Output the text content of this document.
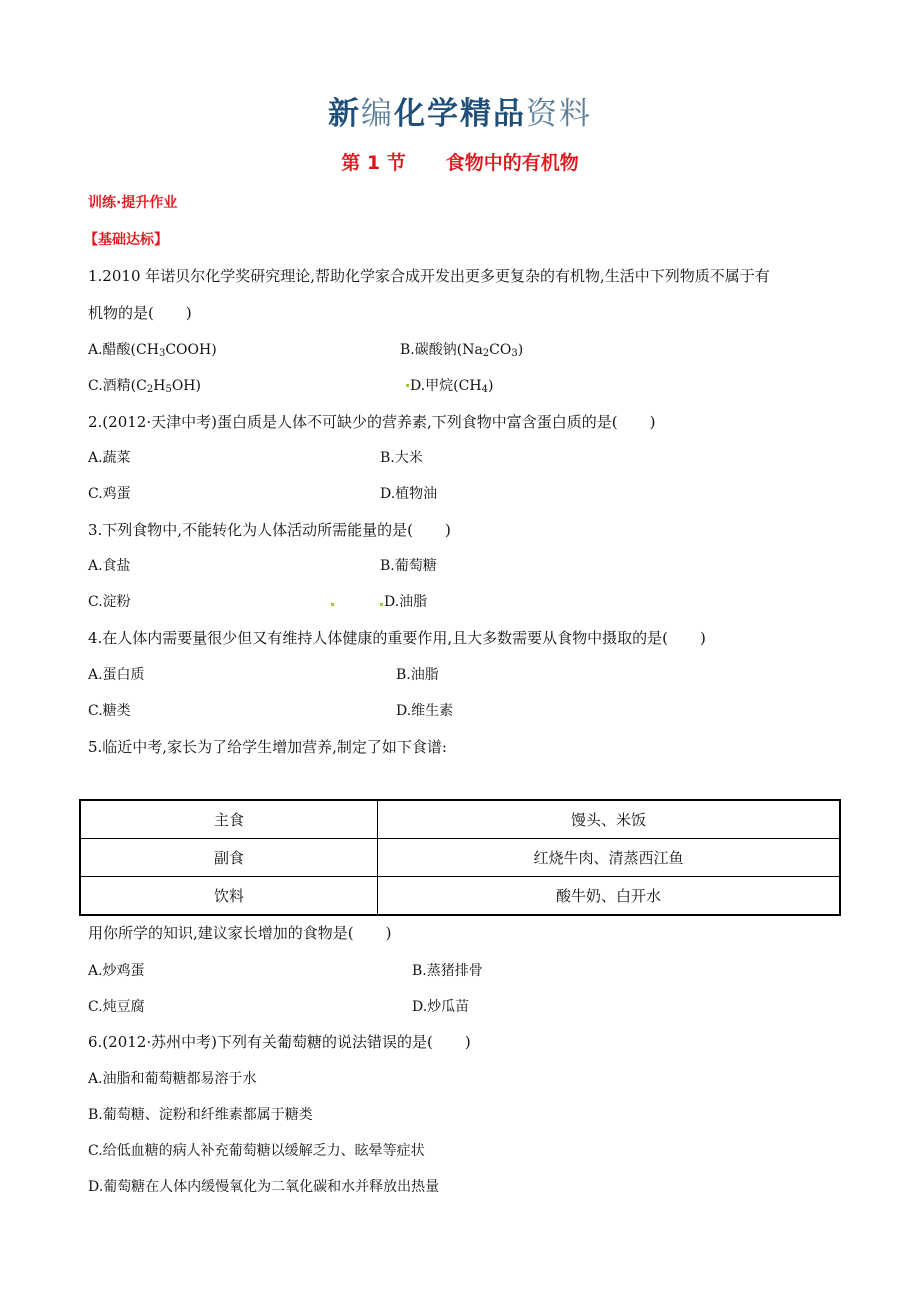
新编化学精品资料
第 1 节 食物中的有机物
训练·提升作业
【基础达标】
1.2010 年诺贝尔化学奖研究理论,帮助化学家合成开发出更多更复杂的有机物,生活中下列物质不属于有
机物的是( )
A.醋酸$(CH_3COOH)$	B.碳酸钠$(Na_2CO_3)$
C.酒精$(C_2H_5OH)$	D.甲烷$(CH_4)$
2.(2012·天津中考)蛋白质是人体不可缺少的营养素,下列食物中富含蛋白质的是( )
A.蔬菜	B.大米
C.鸡蛋	D.植物油
3.下列食物中,不能转化为人体活动所需能量的是( )
A.食盐	B.葡萄糖
C.淀粉	D.油脂
4.在人体内需要量很少但又有维持人体健康的重要作用,且大多数需要从食物中摄取的是( )
A.蛋白质	B.油脂
C.糖类	D.维生素
5.临近中考,家长为了给学生增加营养,制定了如下食谱:
主食	馒头、米饭
副食	红烧牛肉、清蒸西江鱼
饮料	酸牛奶、白开水
用你所学的知识,建议家长增加的食物是( )
A.炒鸡蛋	B.蒸猪排骨
C.炖豆腐	D.炒瓜苗
6.(2012·苏州中考)下列有关葡萄糖的说法错误的是( )
A.油脂和葡萄糖都易溶于水
B.葡萄糖、淀粉和纤维素都属于糖类
C.给低血糖的病人补充葡萄糖以缓解乏力、眩晕等症状
D.葡萄糖在人体内缓慢氧化为二氧化碳和水并释放出热量
